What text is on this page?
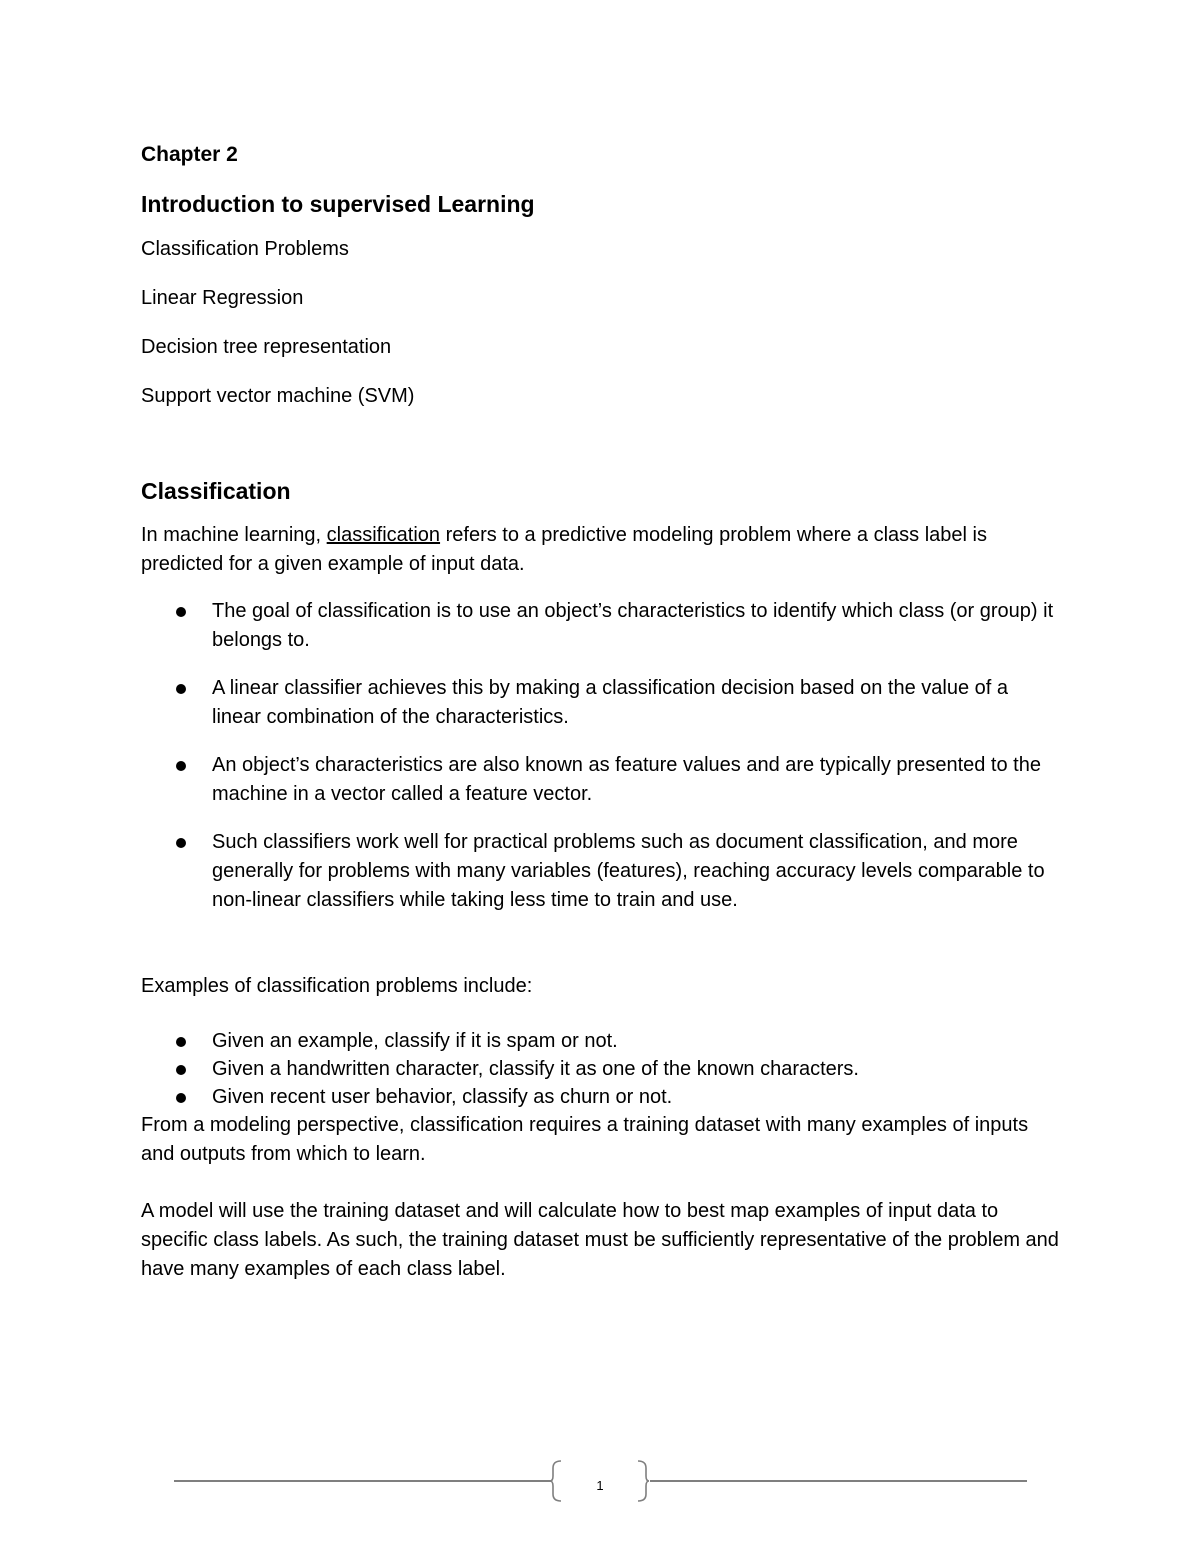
Chapter 2
Introduction to supervised Learning
Classification Problems
Linear Regression
Decision tree representation
Support vector machine (SVM)
Classification

In machine learning, classification refers to a predictive modeling problem where a class label is predicted for a given example of input data.

The goal of classification is to use an object’s characteristics to identify which class (or group) it belongs to.
A linear classifier achieves this by making a classification decision based on the value of a linear combination of the characteristics.
An object’s characteristics are also known as feature values and are typically presented to the machine in a vector called a feature vector.
Such classifiers work well for practical problems such as document classification, and more generally for problems with many variables (features), reaching accuracy levels comparable to non-linear classifiers while taking less time to train and use.

Examples of classification problems include:

Given an example, classify if it is spam or not.
Given a handwritten character, classify it as one of the known characters.
Given recent user behavior, classify as churn or not.

From a modeling perspective, classification requires a training dataset with many examples of inputs and outputs from which to learn.

A model will use the training dataset and will calculate how to best map examples of input data to specific class labels. As such, the training dataset must be sufficiently representative of the problem and have many examples of each class label.

1
